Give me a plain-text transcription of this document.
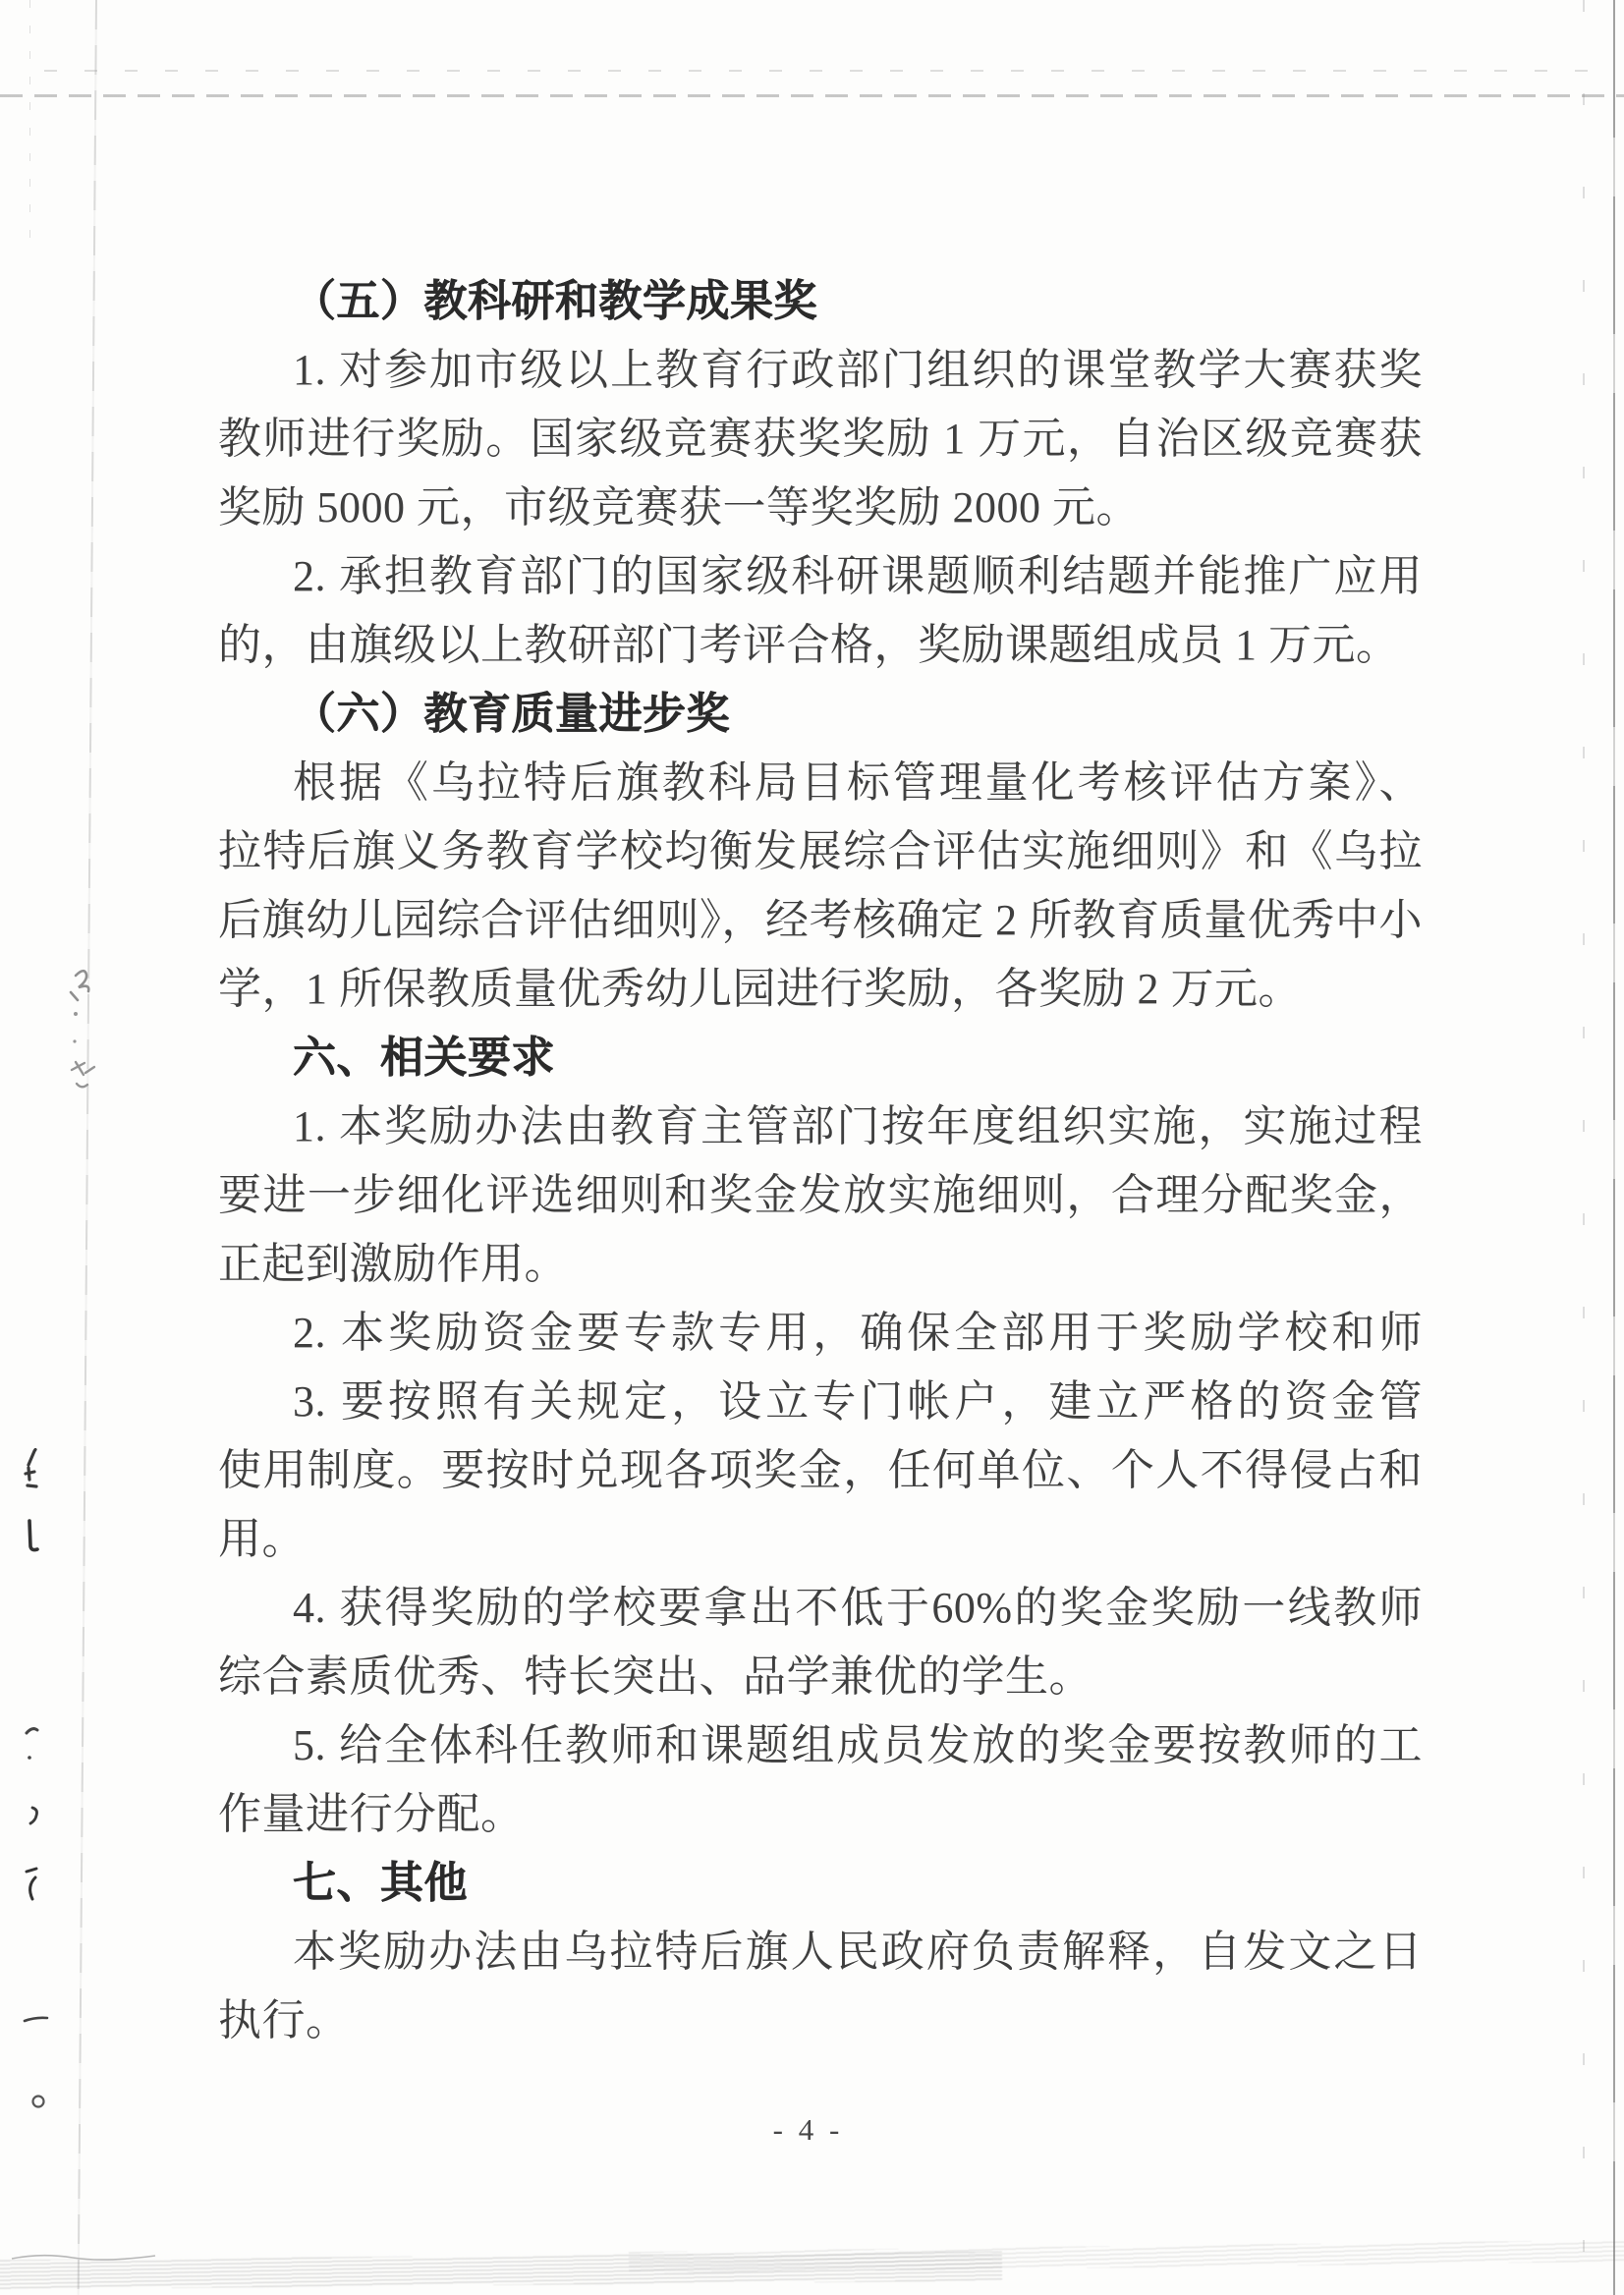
（五）教科研和教学成果奖
1. 对参加市级以上教育行政部门组织的课堂教学大赛获奖
教师进行奖励。国家级竞赛获奖奖励 1 万元，自治区级竞赛获
奖励 5000 元，市级竞赛获一等奖奖励 2000 元。
2. 承担教育部门的国家级科研课题顺利结题并能推广应用
的，由旗级以上教研部门考评合格，奖励课题组成员 1 万元。
（六）教育质量进步奖
根据《乌拉特后旗教科局目标管理量化考核评估方案》、
拉特后旗义务教育学校均衡发展综合评估实施细则》和《乌拉
后旗幼儿园综合评估细则》，经考核确定 2 所教育质量优秀中小
学，1 所保教质量优秀幼儿园进行奖励，各奖励 2 万元。
六、相关要求
1. 本奖励办法由教育主管部门按年度组织实施，实施过程
要进一步细化评选细则和奖金发放实施细则，合理分配奖金，
正起到激励作用。
2. 本奖励资金要专款专用，确保全部用于奖励学校和师
3. 要按照有关规定，设立专门帐户，建立严格的资金管
使用制度。要按时兑现各项奖金，任何单位、个人不得侵占和
用。
4. 获得奖励的学校要拿出不低于60%的奖金奖励一线教师
综合素质优秀、特长突出、品学兼优的学生。
5. 给全体科任教师和课题组成员发放的奖金要按教师的工
作量进行分配。
七、其他
本奖励办法由乌拉特后旗人民政府负责解释，自发文之日
执行。
- 4 -
